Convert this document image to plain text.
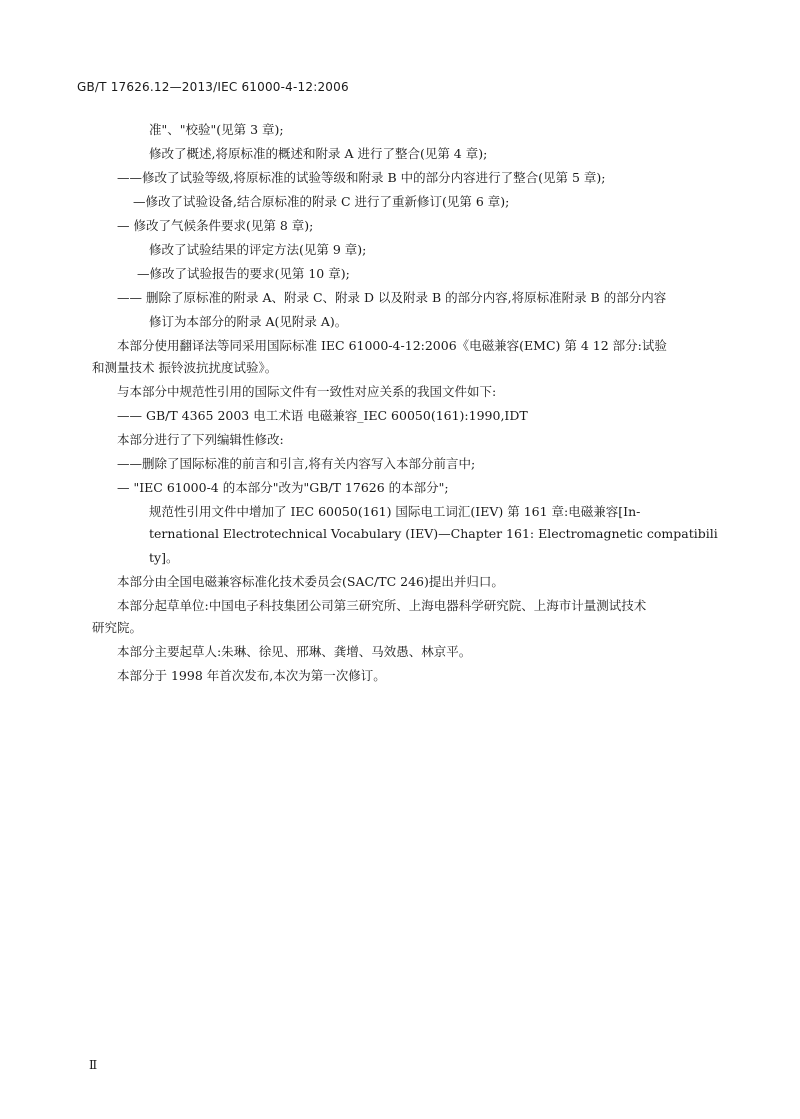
GB/T 17626.12—2013/IEC 61000-4-12:2006
准"、"校验"(见第 3 章);
修改了概述,将原标准的概述和附录 A 进行了整合(见第 4 章);
——修改了试验等级,将原标准的试验等级和附录 B 中的部分内容进行了整合(见第 5 章);
—修改了试验设备,结合原标准的附录 C 进行了重新修订(见第 6 章);
— 修改了气候条件要求(见第 8 章);
修改了试验结果的评定方法(见第 9 章);
—修改了试验报告的要求(见第 10 章);
—— 删除了原标准的附录 A、附录 C、附录 D 以及附录 B 的部分内容,将原标准附录 B 的部分内容
修订为本部分的附录 A(见附录 A)。
本部分使用翻译法等同采用国际标准 IEC 61000-4-12:2006《电磁兼容(EMC) 第 4 12 部分:试验
和测量技术 振铃波抗扰度试验》。
与本部分中规范性引用的国际文件有一致性对应关系的我国文件如下:
—— GB/T 4365 2003 电工术语 电磁兼容_IEC 60050(161):1990,IDT
本部分进行了下列编辑性修改:
——删除了国际标准的前言和引言,将有关内容写入本部分前言中;
— "IEC 61000-4 的本部分"改为"GB/T 17626 的本部分";
规范性引用文件中增加了 IEC 60050(161) 国际电工词汇(IEV) 第 161 章:电磁兼容[In-
ternational Electrotechnical Vocabulary (IEV)—Chapter 161: Electromagnetic compatibili
ty]。
本部分由全国电磁兼容标准化技术委员会(SAC/TC 246)提出并归口。
本部分起草单位:中国电子科技集团公司第三研究所、上海电器科学研究院、上海市计量测试技术
研究院。
本部分主要起草人:朱琳、徐见、邢琳、龚增、马效愚、林京平。
本部分于 1998 年首次发布,本次为第一次修订。
Ⅱ
